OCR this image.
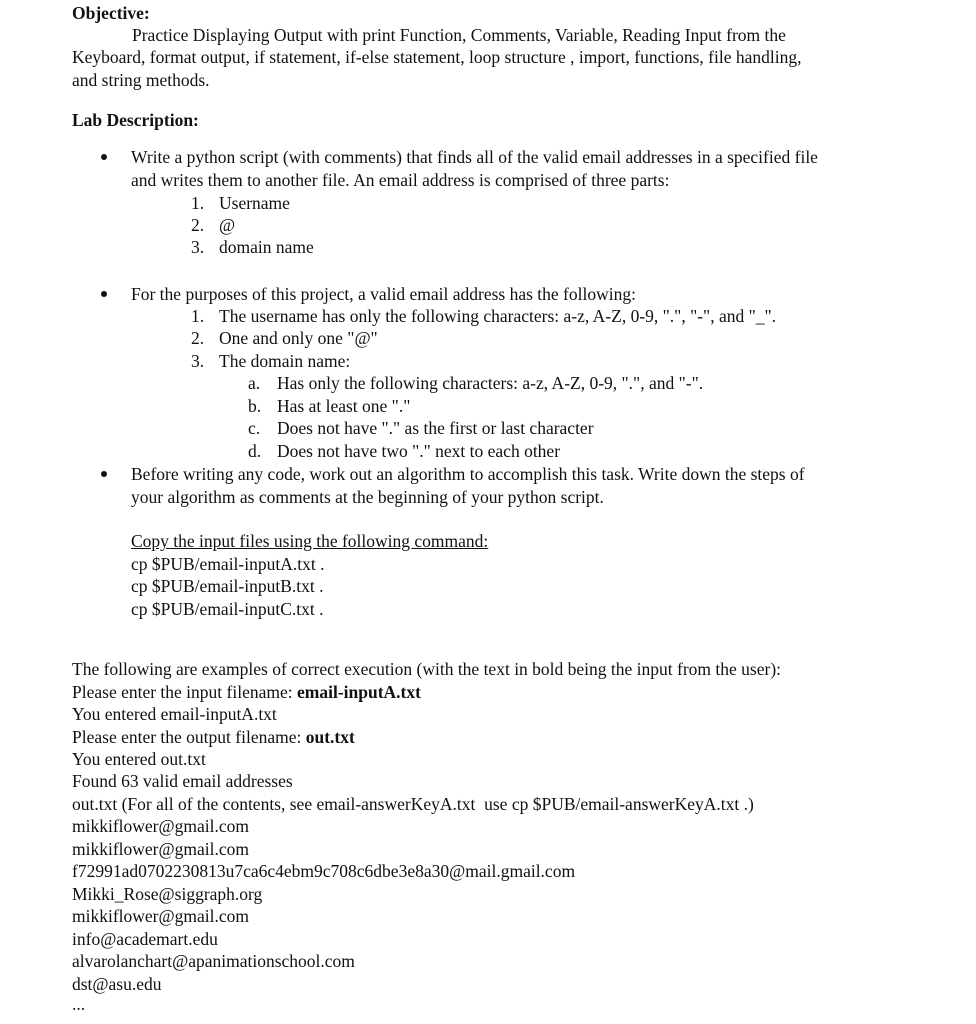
Objective:
Practice Displaying Output with print Function, Comments, Variable, Reading Input from the
Keyboard, format output, if statement, if-else statement, loop structure , import, functions, file handling,
and string methods.
Lab Description:
Write a python script (with comments) that finds all of the valid email addresses in a specified file
and writes them to another file. An email address is comprised of three parts:
1. Username
2. @
3. domain name
For the purposes of this project, a valid email address has the following:
1. The username has only the following characters: a-z, A-Z, 0-9, ".", "-", and "_".
2. One and only one "@"
3. The domain name:
a. Has only the following characters: a-z, A-Z, 0-9, ".", and "-".
b. Has at least one "."
c. Does not have "." as the first or last character
d. Does not have two "." next to each other
Before writing any code, work out an algorithm to accomplish this task. Write down the steps of
your algorithm as comments at the beginning of your python script.
Copy the input files using the following command:
cp $PUB/email-inputA.txt .
cp $PUB/email-inputB.txt .
cp $PUB/email-inputC.txt .
The following are examples of correct execution (with the text in bold being the input from the user):
Please enter the input filename: email-inputA.txt
You entered email-inputA.txt
Please enter the output filename: out.txt
You entered out.txt
Found 63 valid email addresses
out.txt (For all of the contents, see email-answerKeyA.txt  use cp $PUB/email-answerKeyA.txt .)
mikkiflower@gmail.com
mikkiflower@gmail.com
f72991ad0702230813u7ca6c4ebm9c708c6dbe3e8a30@mail.gmail.com
Mikki_Rose@siggraph.org
mikkiflower@gmail.com
info@academart.edu
alvarolanchart@apanimationschool.com
dst@asu.edu
...
